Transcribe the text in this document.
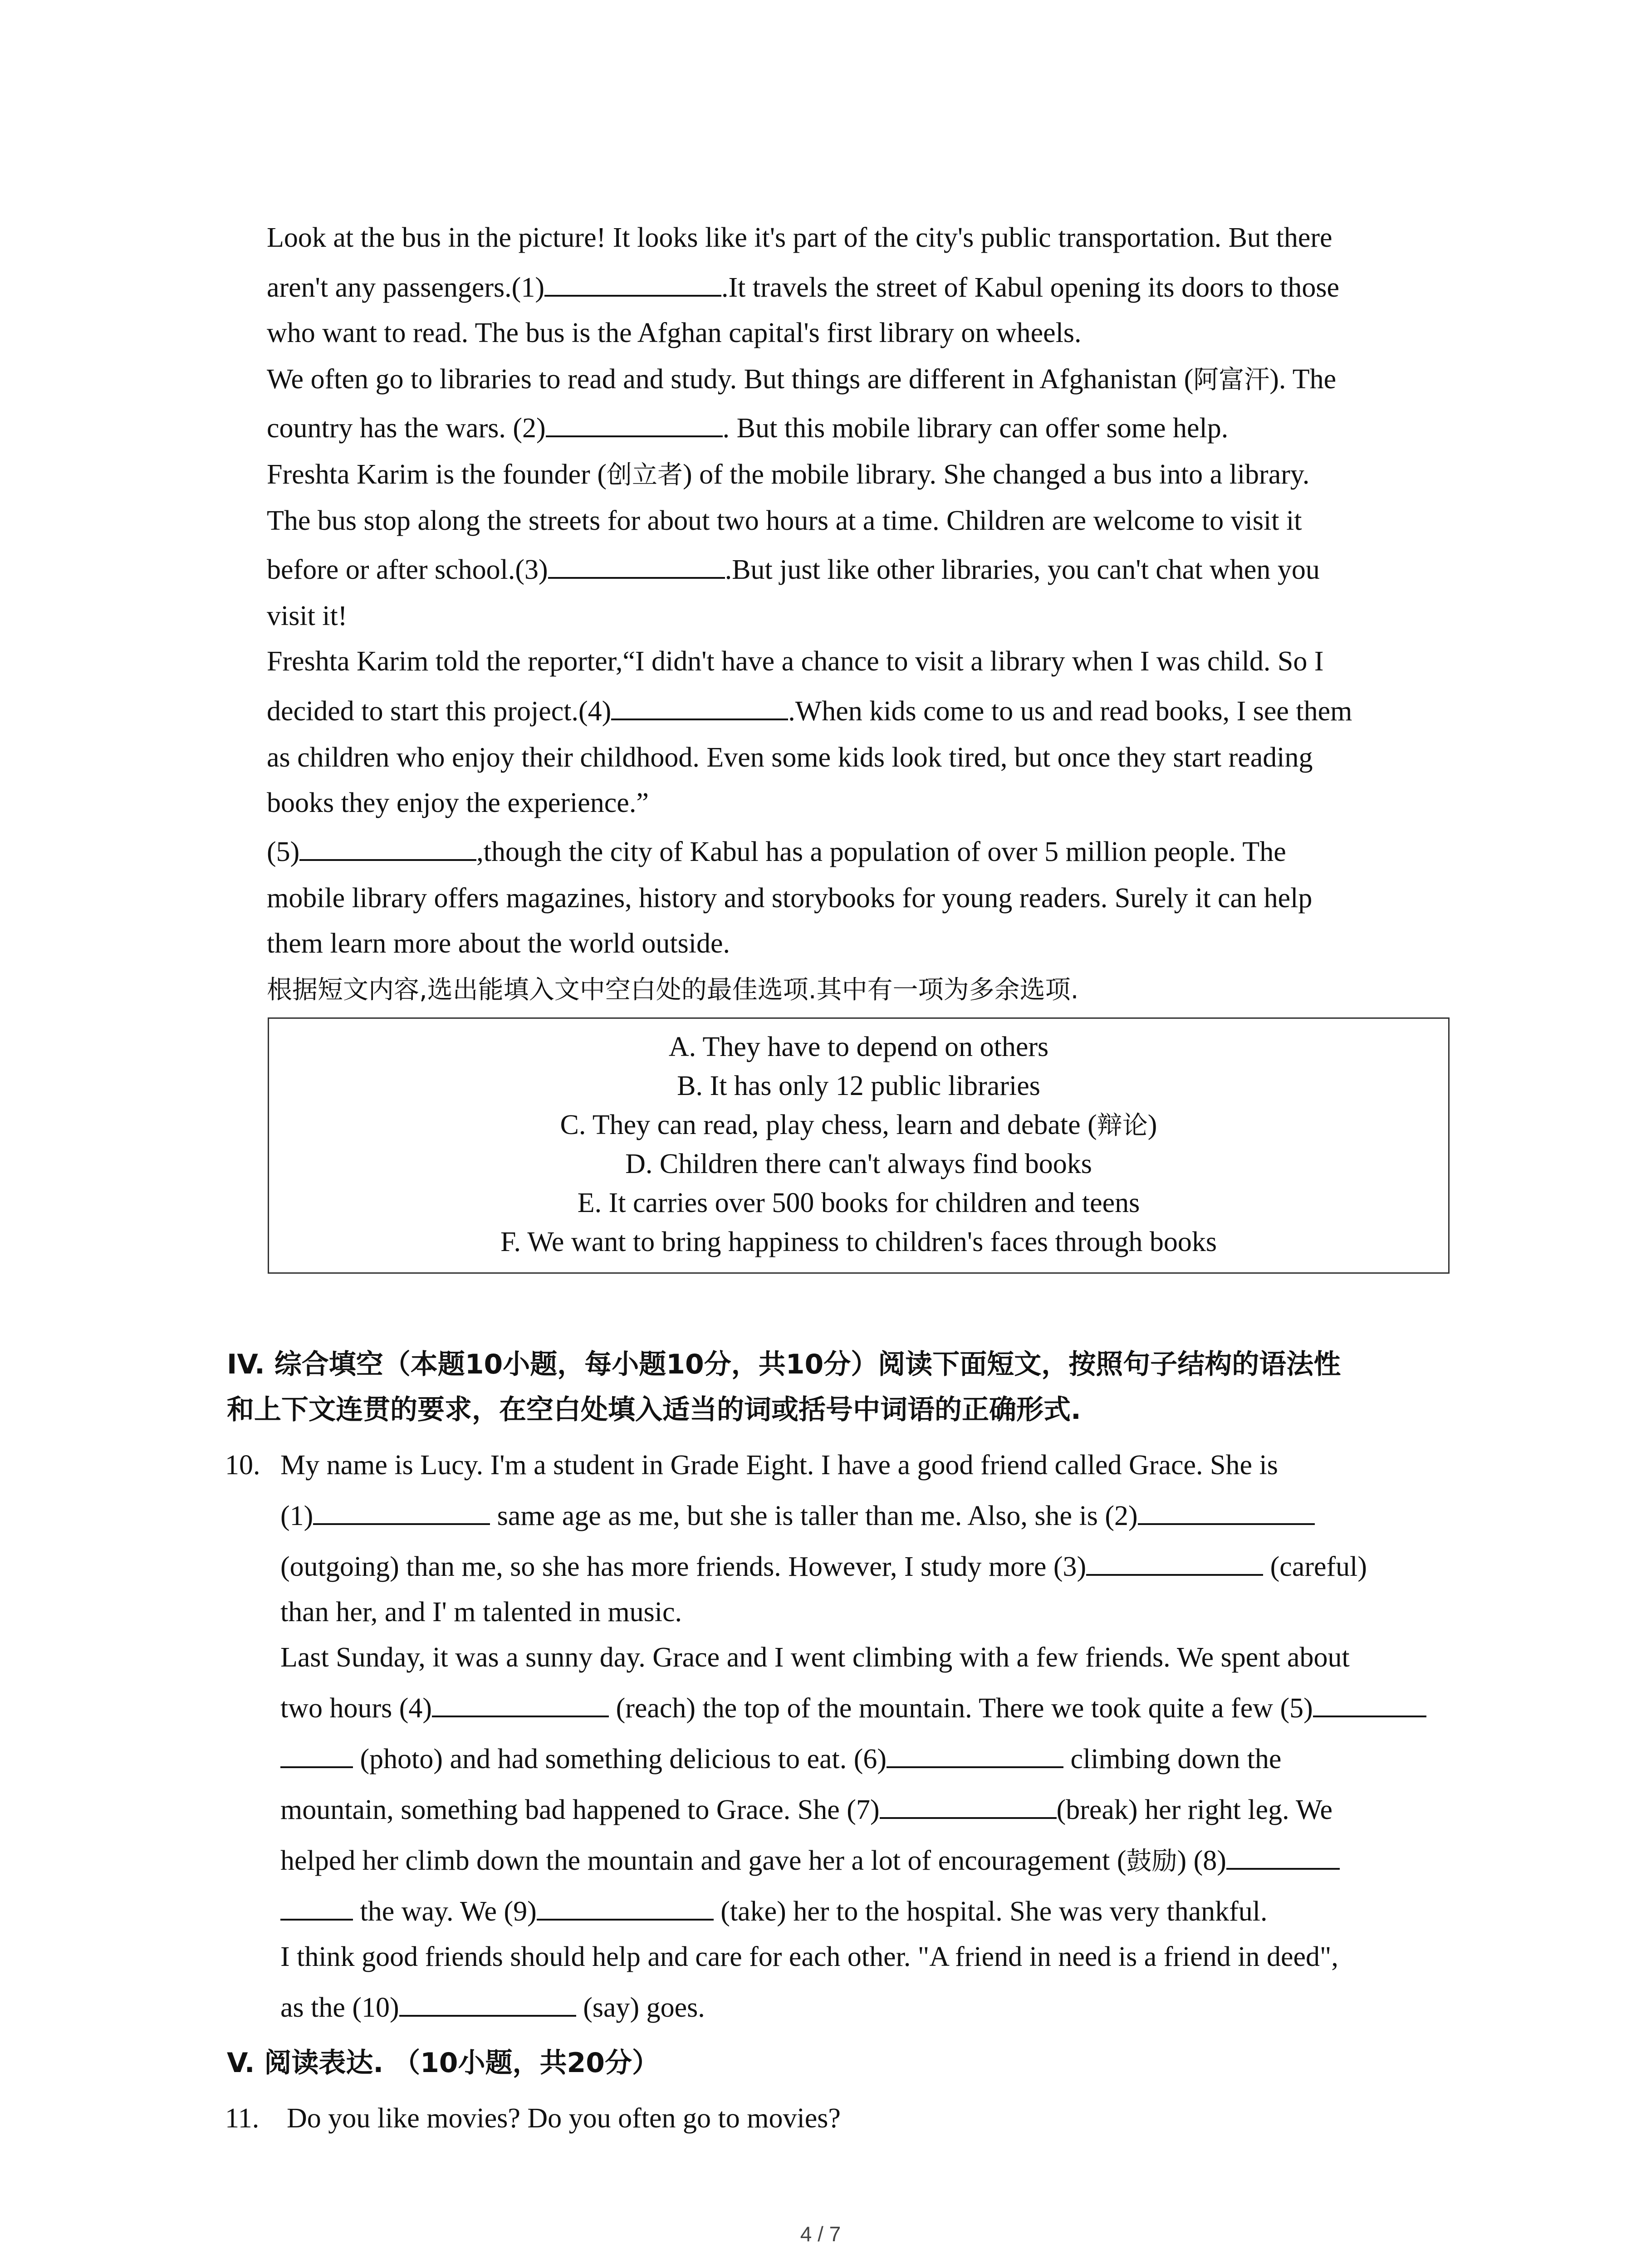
Look at the bus in the picture! It looks like it's part of the city's public transportation. But there
aren't any passengers.(1)	.It travels the street of Kabul opening its doors to those
who want to read. The bus is the Afghan capital's first library on wheels.
We often go to libraries to read and study. But things are different in Afghanistan (阿富汗). The
country has the wars. (2)	. But this mobile library can offer some help.
Freshta Karim is the founder (创立者) of the mobile library. She changed a bus into a library.
The bus stop along the streets for about two hours at a time. Children are welcome to visit it
before or after school.(3)	.But just like other libraries, you can't chat when you
visit it!
Freshta Karim told the reporter,“I didn't have a chance to visit a library when I was child. So I
decided to start this project.(4)	.When kids come to us and read books, I see them
as children who enjoy their childhood. Even some kids look tired, but once they start reading
books they enjoy the experience.”
(5)	,though the city of Kabul has a population of over 5 million people. The
mobile library offers magazines, history and storybooks for young readers. Surely it can help
them learn more about the world outside.
根据短文内容,选出能填入文中空白处的最佳选项.其中有一项为多余选项.
A. They have to depend on others
B. It has only 12 public libraries
C. They can read, play chess, learn and debate (辩论)
D. Children there can't always find books
E. It carries over 500 books for children and teens
F. We want to bring happiness to children's faces through books
IV. 综合填空（本题10小题，每小题10分，共10分）阅读下面短文，按照句子结构的语法性
和上下文连贯的要求，在空白处填入适当的词或括号中词语的正确形式.
10. My name is Lucy. I'm a student in Grade Eight. I have a good friend called Grace. She is
(1)	same age as me, but she is taller than me. Also, she is (2)
(outgoing) than me, so she has more friends. However, I study more (3)	(careful)
than her, and I' m talented in music.
Last Sunday, it was a sunny day. Grace and I went climbing with a few friends. We spent about
two hours (4)	(reach) the top of the mountain. There we took quite a few (5)
(photo) and had something delicious to eat. (6)	climbing down the
mountain, something bad happened to Grace. She (7)	(break) her right leg. We
helped her climb down the mountain and gave her a lot of encouragement (鼓励) (8)
the way. We (9)	(take) her to the hospital. She was very thankful.
I think good friends should help and care for each other. "A friend in need is a friend in deed",
as the (10)	(say) goes.
V. 阅读表达. （10小题，共20分）
11. Do you like movies? Do you often go to movies?
4 / 7
